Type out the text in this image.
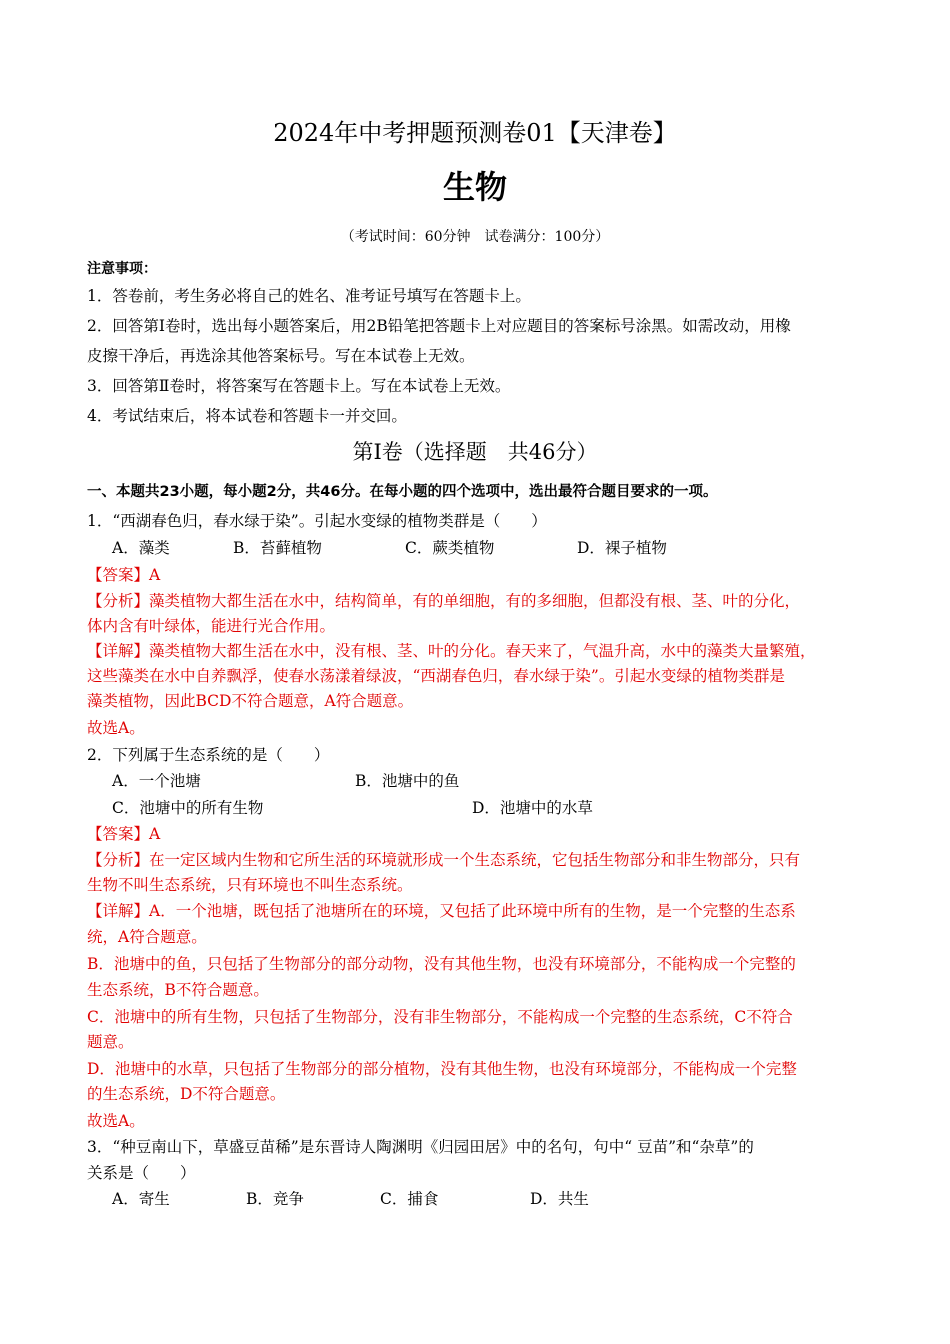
2024年中考押题预测卷01【天津卷】
生物
（考试时间：60分钟　试卷满分：100分）
注意事项：
1．答卷前，考生务必将自己的姓名、准考证号填写在答题卡上。
2．回答第Ⅰ卷时，选出每小题答案后，用2B铅笔把答题卡上对应题目的答案标号涂黑。如需改动，用橡
皮擦干净后，再选涂其他答案标号。写在本试卷上无效。
3．回答第Ⅱ卷时，将答案写在答题卡上。写在本试卷上无效。
4．考试结束后，将本试卷和答题卡一并交回。
第Ⅰ卷（选择题　共46分）
一、本题共23小题，每小题2分，共46分。在每小题的四个选项中，选出最符合题目要求的一项。
1．“西湖春色归，春水绿于染”。引起水变绿的植物类群是（　　）
A．藻类	B．苔藓植物	C．蕨类植物	D．裸子植物
【答案】A
【分析】藻类植物大都生活在水中，结构简单，有的单细胞，有的多细胞，但都没有根、茎、叶的分化，
体内含有叶绿体，能进行光合作用。
【详解】藻类植物大都生活在水中，没有根、茎、叶的分化。春天来了，气温升高，水中的藻类大量繁殖，
这些藻类在水中自养飘浮，使春水荡漾着绿波，“西湖春色归，春水绿于染”。引起水变绿的植物类群是
藻类植物，因此BCD不符合题意，A符合题意。
故选A。
2．下列属于生态系统的是（　　）
A．一个池塘	B．池塘中的鱼
C．池塘中的所有生物	D．池塘中的水草
【答案】A
【分析】在一定区域内生物和它所生活的环境就形成一个生态系统，它包括生物部分和非生物部分，只有
生物不叫生态系统，只有环境也不叫生态系统。
【详解】A．一个池塘，既包括了池塘所在的环境，又包括了此环境中所有的生物，是一个完整的生态系
统，A符合题意。
B．池塘中的鱼，只包括了生物部分的部分动物，没有其他生物，也没有环境部分，不能构成一个完整的
生态系统，B不符合题意。
C．池塘中的所有生物，只包括了生物部分，没有非生物部分，不能构成一个完整的生态系统，C不符合
题意。
D．池塘中的水草，只包括了生物部分的部分植物，没有其他生物，也没有环境部分，不能构成一个完整
的生态系统，D不符合题意。
故选A。
3．“种豆南山下，草盛豆苗稀”是东晋诗人陶渊明《归园田居》中的名句，句中“ 豆苗”和“杂草”的
关系是（　　）
A．寄生	B．竞争	C．捕食	D．共生
